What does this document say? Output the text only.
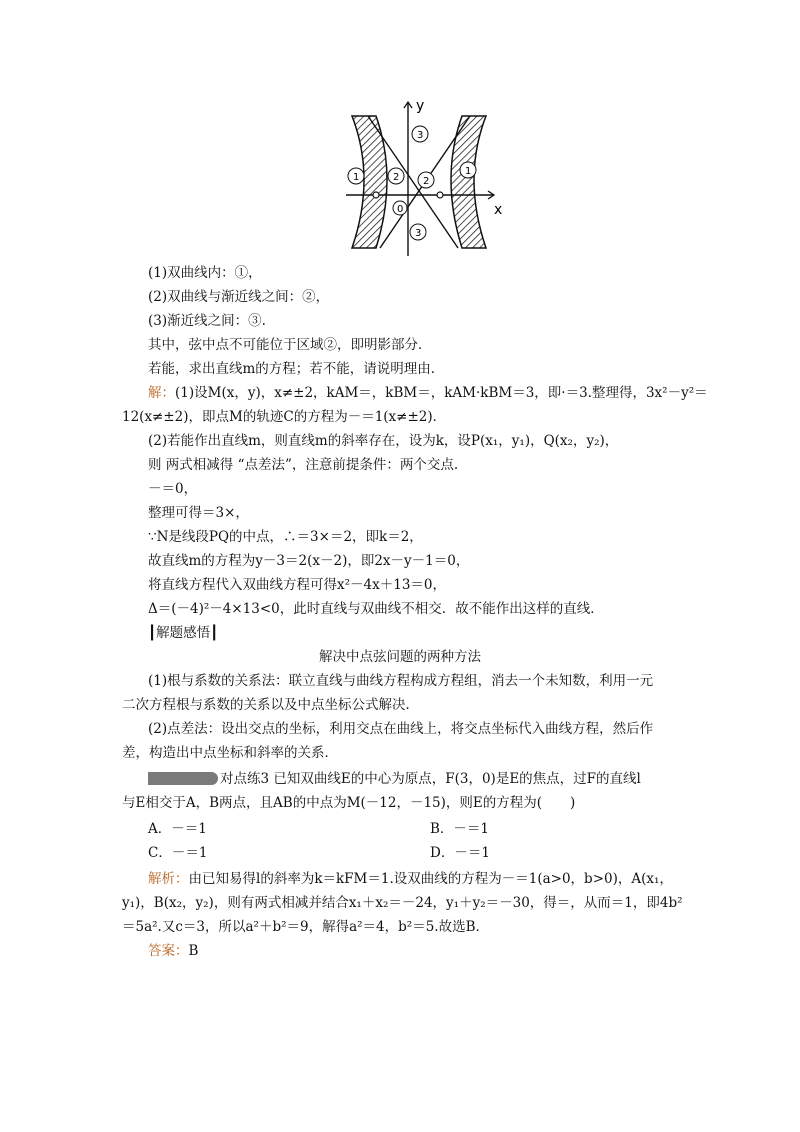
x
y
1
1
2 2
3
3
0
(1)双曲线内：①，
(2)双曲线与渐近线之间：②，
(3)渐近线之间：③.
其中，弦中点不可能位于区域②，即明影部分．
若能，求出直线m的方程；若不能，请说明理由．
解：(1)设M(x，y)，x≠±2，kAM＝，kBM＝，kAM·kBM＝3，即·＝3.整理得，3x²－y²＝
12(x≠±2)，即点M的轨迹C的方程为－＝1(x≠±2)．
(2)若能作出直线m，则直线m的斜率存在，设为k，设P(x₁，y₁)，Q(x₂，y₂)，
则 两式相减得 “点差法”，注意前提条件：两个交点.
－＝0，
整理可得＝3×，
∵N是线段PQ的中点，∴＝3×＝2，即k＝2，
故直线m的方程为y－3＝2(x－2)，即2x－y－1＝0，
将直线方程代入双曲线方程可得x²－4x＋13＝0，
Δ＝(－4)²－4×13<0，此时直线与双曲线不相交．故不能作出这样的直线．
┃解题感悟┃
解决中点弦问题的两种方法
(1)根与系数的关系法：联立直线与曲线方程构成方程组，消去一个未知数，利用一元
二次方程根与系数的关系以及中点坐标公式解决．
(2)点差法：设出交点的坐标，利用交点在曲线上，将交点坐标代入曲线方程，然后作
差，构造出中点坐标和斜率的关系．
对点练3 已知双曲线E的中心为原点，F(3，0)是E的焦点，过F的直线l
与E相交于A，B两点，且AB的中点为M(－12，－15)，则E的方程为( )
A．－＝1	B．－＝1
C．－＝1	D．－＝1
解析：由已知易得l的斜率为k＝kFM＝1.设双曲线的方程为－＝1(a>0，b>0)，A(x₁，
y₁)，B(x₂，y₂)，则有两式相减并结合x₁＋x₂＝－24，y₁＋y₂＝－30，得＝，从而＝1，即4b²
＝5a².又c＝3，所以a²＋b²＝9，解得a²＝4，b²＝5.故选B．
答案：B
